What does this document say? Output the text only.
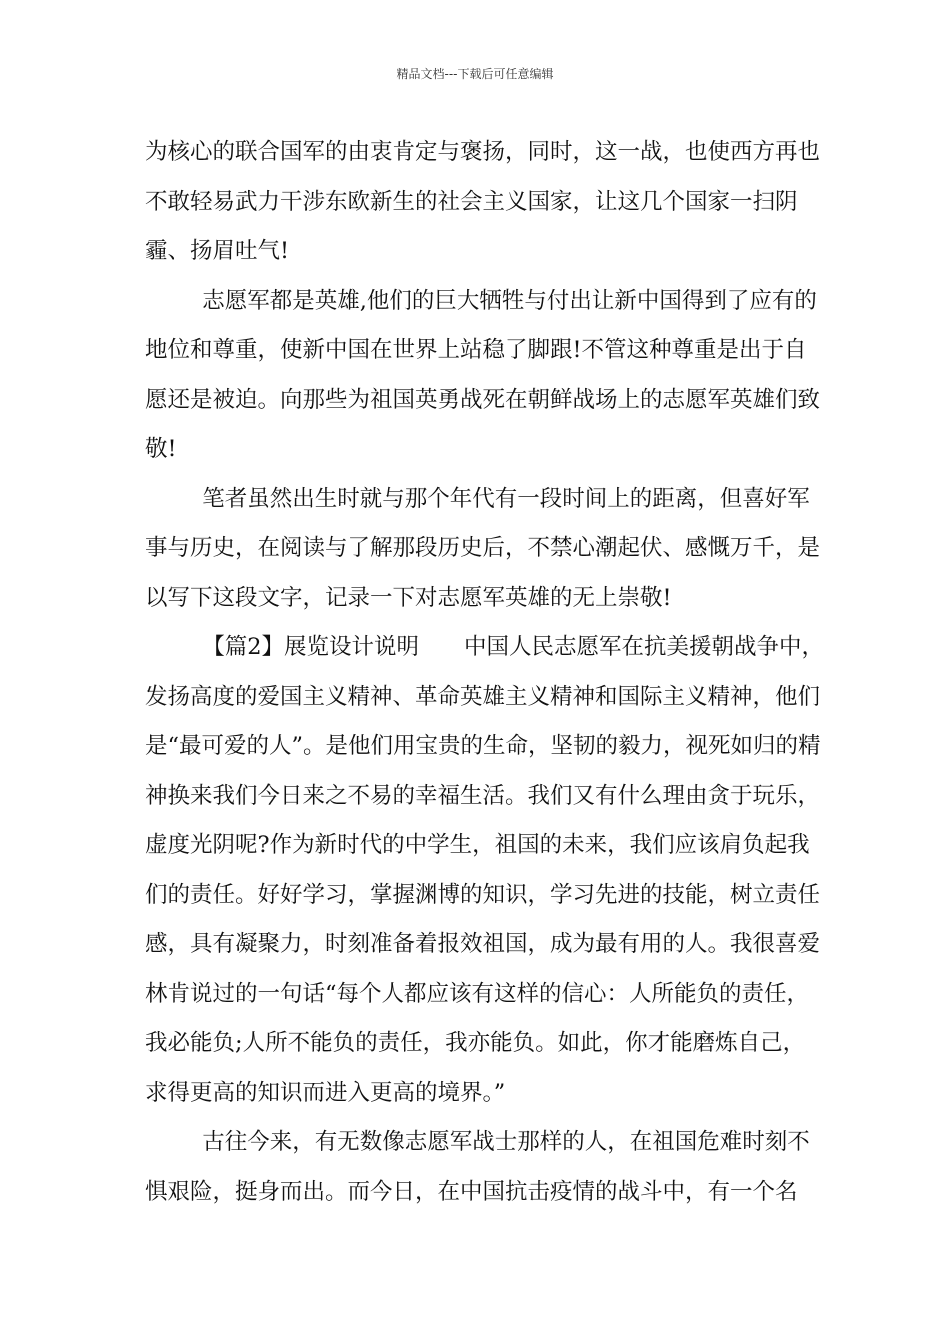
精品文档---下载后可任意编辑

为核心的联合国军的由衷肯定与褒扬，同时，这一战，也使西方再也不敢轻易武力干涉东欧新生的社会主义国家，让这几个国家一扫阴霾、扬眉吐气!

志愿军都是英雄,他们的巨大牺牲与付出让新中国得到了应有的地位和尊重，使新中国在世界上站稳了脚跟!不管这种尊重是出于自愿还是被迫。向那些为祖国英勇战死在朝鲜战场上的志愿军英雄们致敬!

笔者虽然出生时就与那个年代有一段时间上的距离，但喜好军事与历史，在阅读与了解那段历史后，不禁心潮起伏、感慨万千，是以写下这段文字，记录一下对志愿军英雄的无上崇敬!

【篇2】展览设计说明　　中国人民志愿军在抗美援朝战争中，发扬高度的爱国主义精神、革命英雄主义精神和国际主义精神，他们是“最可爱的人”。是他们用宝贵的生命，坚韧的毅力，视死如归的精神换来我们今日来之不易的幸福生活。我们又有什么理由贪于玩乐，虚度光阴呢?作为新时代的中学生，祖国的未来，我们应该肩负起我们的责任。好好学习，掌握渊博的知识，学习先进的技能，树立责任感，具有凝聚力，时刻准备着报效祖国，成为最有用的人。我很喜爱林肯说过的一句话“每个人都应该有这样的信心：人所能负的责任，我必能负;人所不能负的责任，我亦能负。如此，你才能磨炼自己，求得更高的知识而进入更高的境界。”

古往今来，有无数像志愿军战士那样的人，在祖国危难时刻不惧艰险，挺身而出。而今日，在中国抗击疫情的战斗中，有一个名
